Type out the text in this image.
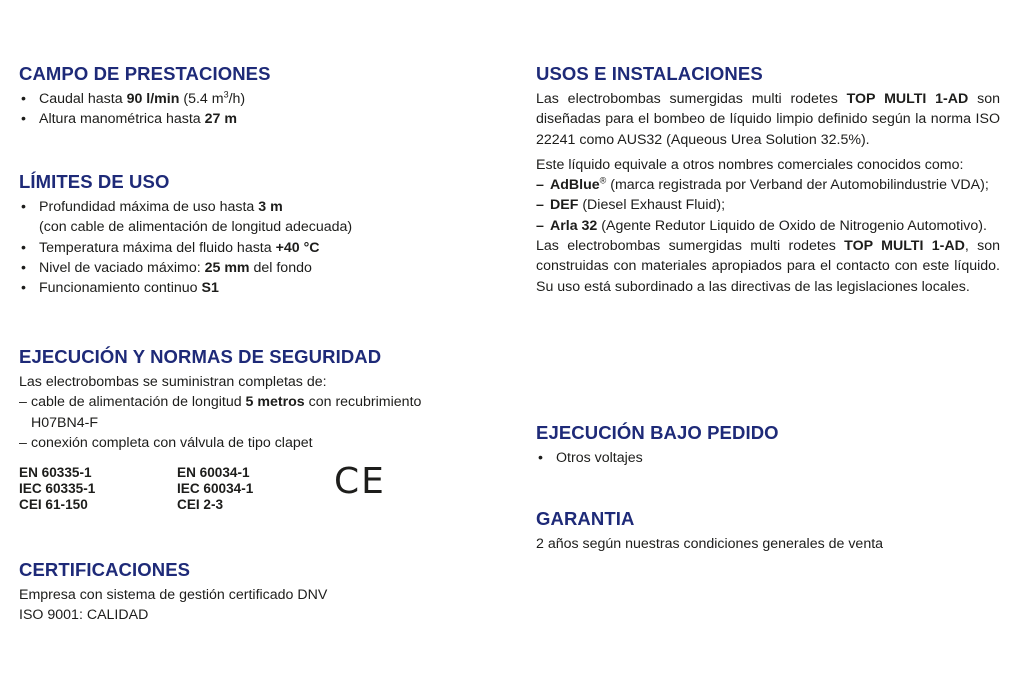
CAMPO DE PRESTACIONES
• Caudal hasta 90 l/min (5.4 $m^3/h$)
• Altura manométrica hasta 27 m
LÍMITES DE USO
• Profundidad máxima de uso hasta 3 m
(con cable de alimentación de longitud adecuada)
• Temperatura máxima del fluido hasta +40 °C
• Nivel de vaciado máximo: 25 mm del fondo
• Funcionamiento continuo S1
EJECUCIÓN Y NORMAS DE SEGURIDAD
Las electrobombas se suministran completas de:
– cable de alimentación de longitud 5 metros con recubrimiento
H07BN4-F
– conexión completa con válvula de tipo clapet
EN 60335-1
IEC 60335-1
CEI 61-150
EN 60034-1
IEC 60034-1
CEI 2-3
CE
CERTIFICACIONES
Empresa con sistema de gestión certificado DNV
ISO 9001: CALIDAD
USOS E INSTALACIONES

Las electrobombas sumergidas multi rodetes TOP MULTI 1-AD son diseñadas para el bombeo de líquido limpio definido según la norma ISO 22241 como AUS32 (Aqueous Urea Solution 32.5%).

Este líquido equivale a otros nombres comerciales conocidos como:

– AdBlue® (marca registrada por Verband der Automobilindustrie VDA);
– DEF (Diesel Exhaust Fluid);
– Arla 32 (Agente Redutor Liquido de Oxido de Nitrogenio Automotivo).

Las electrobombas sumergidas multi rodetes TOP MULTI 1-AD, son construidas con materiales apropiados para el contacto con este líquido. Su uso está subordinado a las directivas de las legislaciones locales.

EJECUCIÓN BAJO PEDIDO
• Otros voltajes
GARANTIA
2 años según nuestras condiciones generales de venta
